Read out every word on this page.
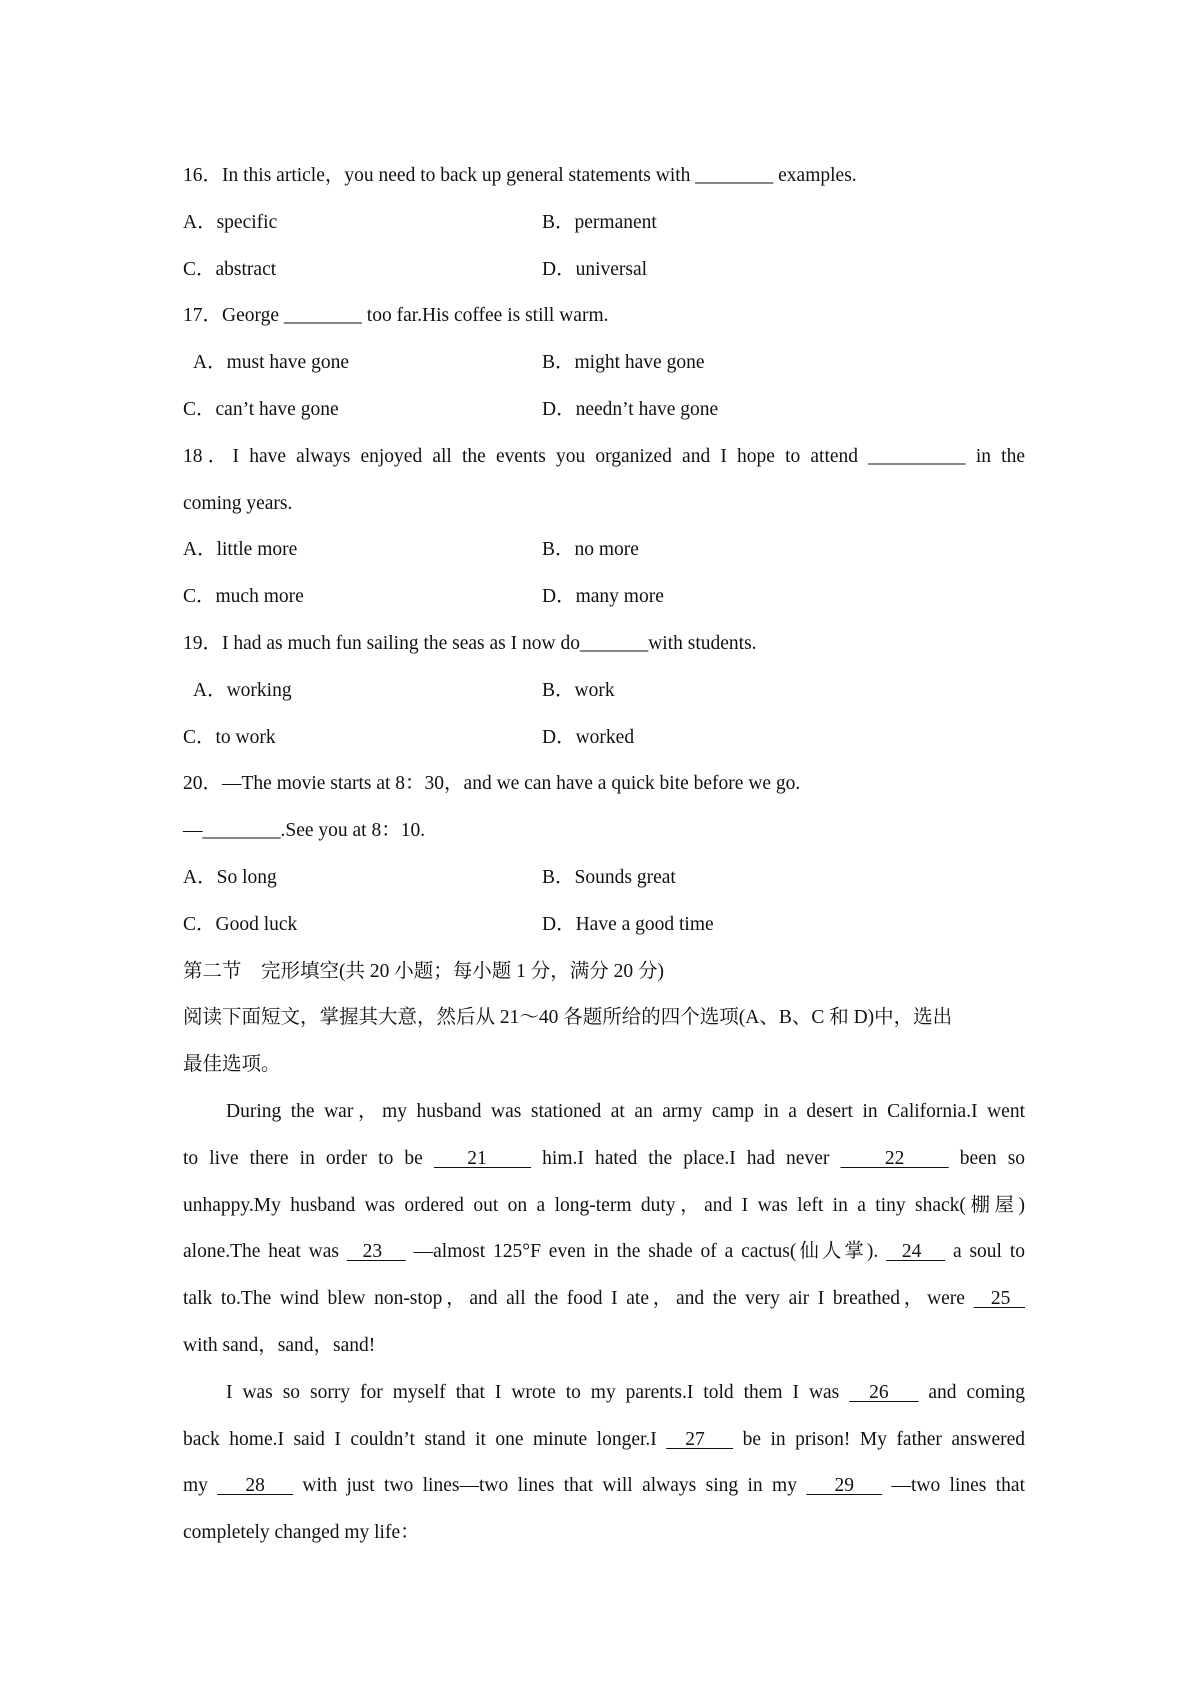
16．In this article，you need to back up general statements with ________ examples.
A．specific	B．permanent
C．abstract	D．universal
17．George ________ too far.His coffee is still warm.
A．must have gone	B．might have gone
C．can’t have gone	D．needn’t have gone
18．I have always enjoyed all the events you organized and I hope to attend __________ in the
coming years.
A．little more	B．no more
C．much more	D．many more
19．I had as much fun sailing the seas as I now do_______with students.
A．working	B．work
C．to work	D．worked
20．—The movie starts at 8：30，and we can have a quick bite before we go.
—________.See you at 8：10.
A．So long	B．Sounds great
C．Good luck	D．Have a good time
第二节　完形填空(共 20 小题；每小题 1 分，满分 20 分)
阅读下面短文，掌握其大意，然后从 21～40 各题所给的四个选项(A、B、C 和 D)中，选出
最佳选项。
During the war，my husband was stationed at an army camp in a desert in California.I went
to live there in order to be    21     him.I hated the place.I had never     22     been so
unhappy.My husband was ordered out on a long-term duty，and I was left in a tiny shack(棚屋)
alone.The heat was   23    —almost 125°F even in the shade of a cactus(仙人掌).   24    a soul to
talk to.The wind blew non-stop，and all the food I ate，and the very air I breathed，were   25
with sand，sand，sand!
I was so sorry for myself that I wrote to my parents.I told them I was   26    and coming
back home.I said I couldn’t stand it one minute longer.I   27    be in prison! My father answered
my    28    with just two lines—two lines that will always sing in my    29    —two lines that
completely changed my life：
